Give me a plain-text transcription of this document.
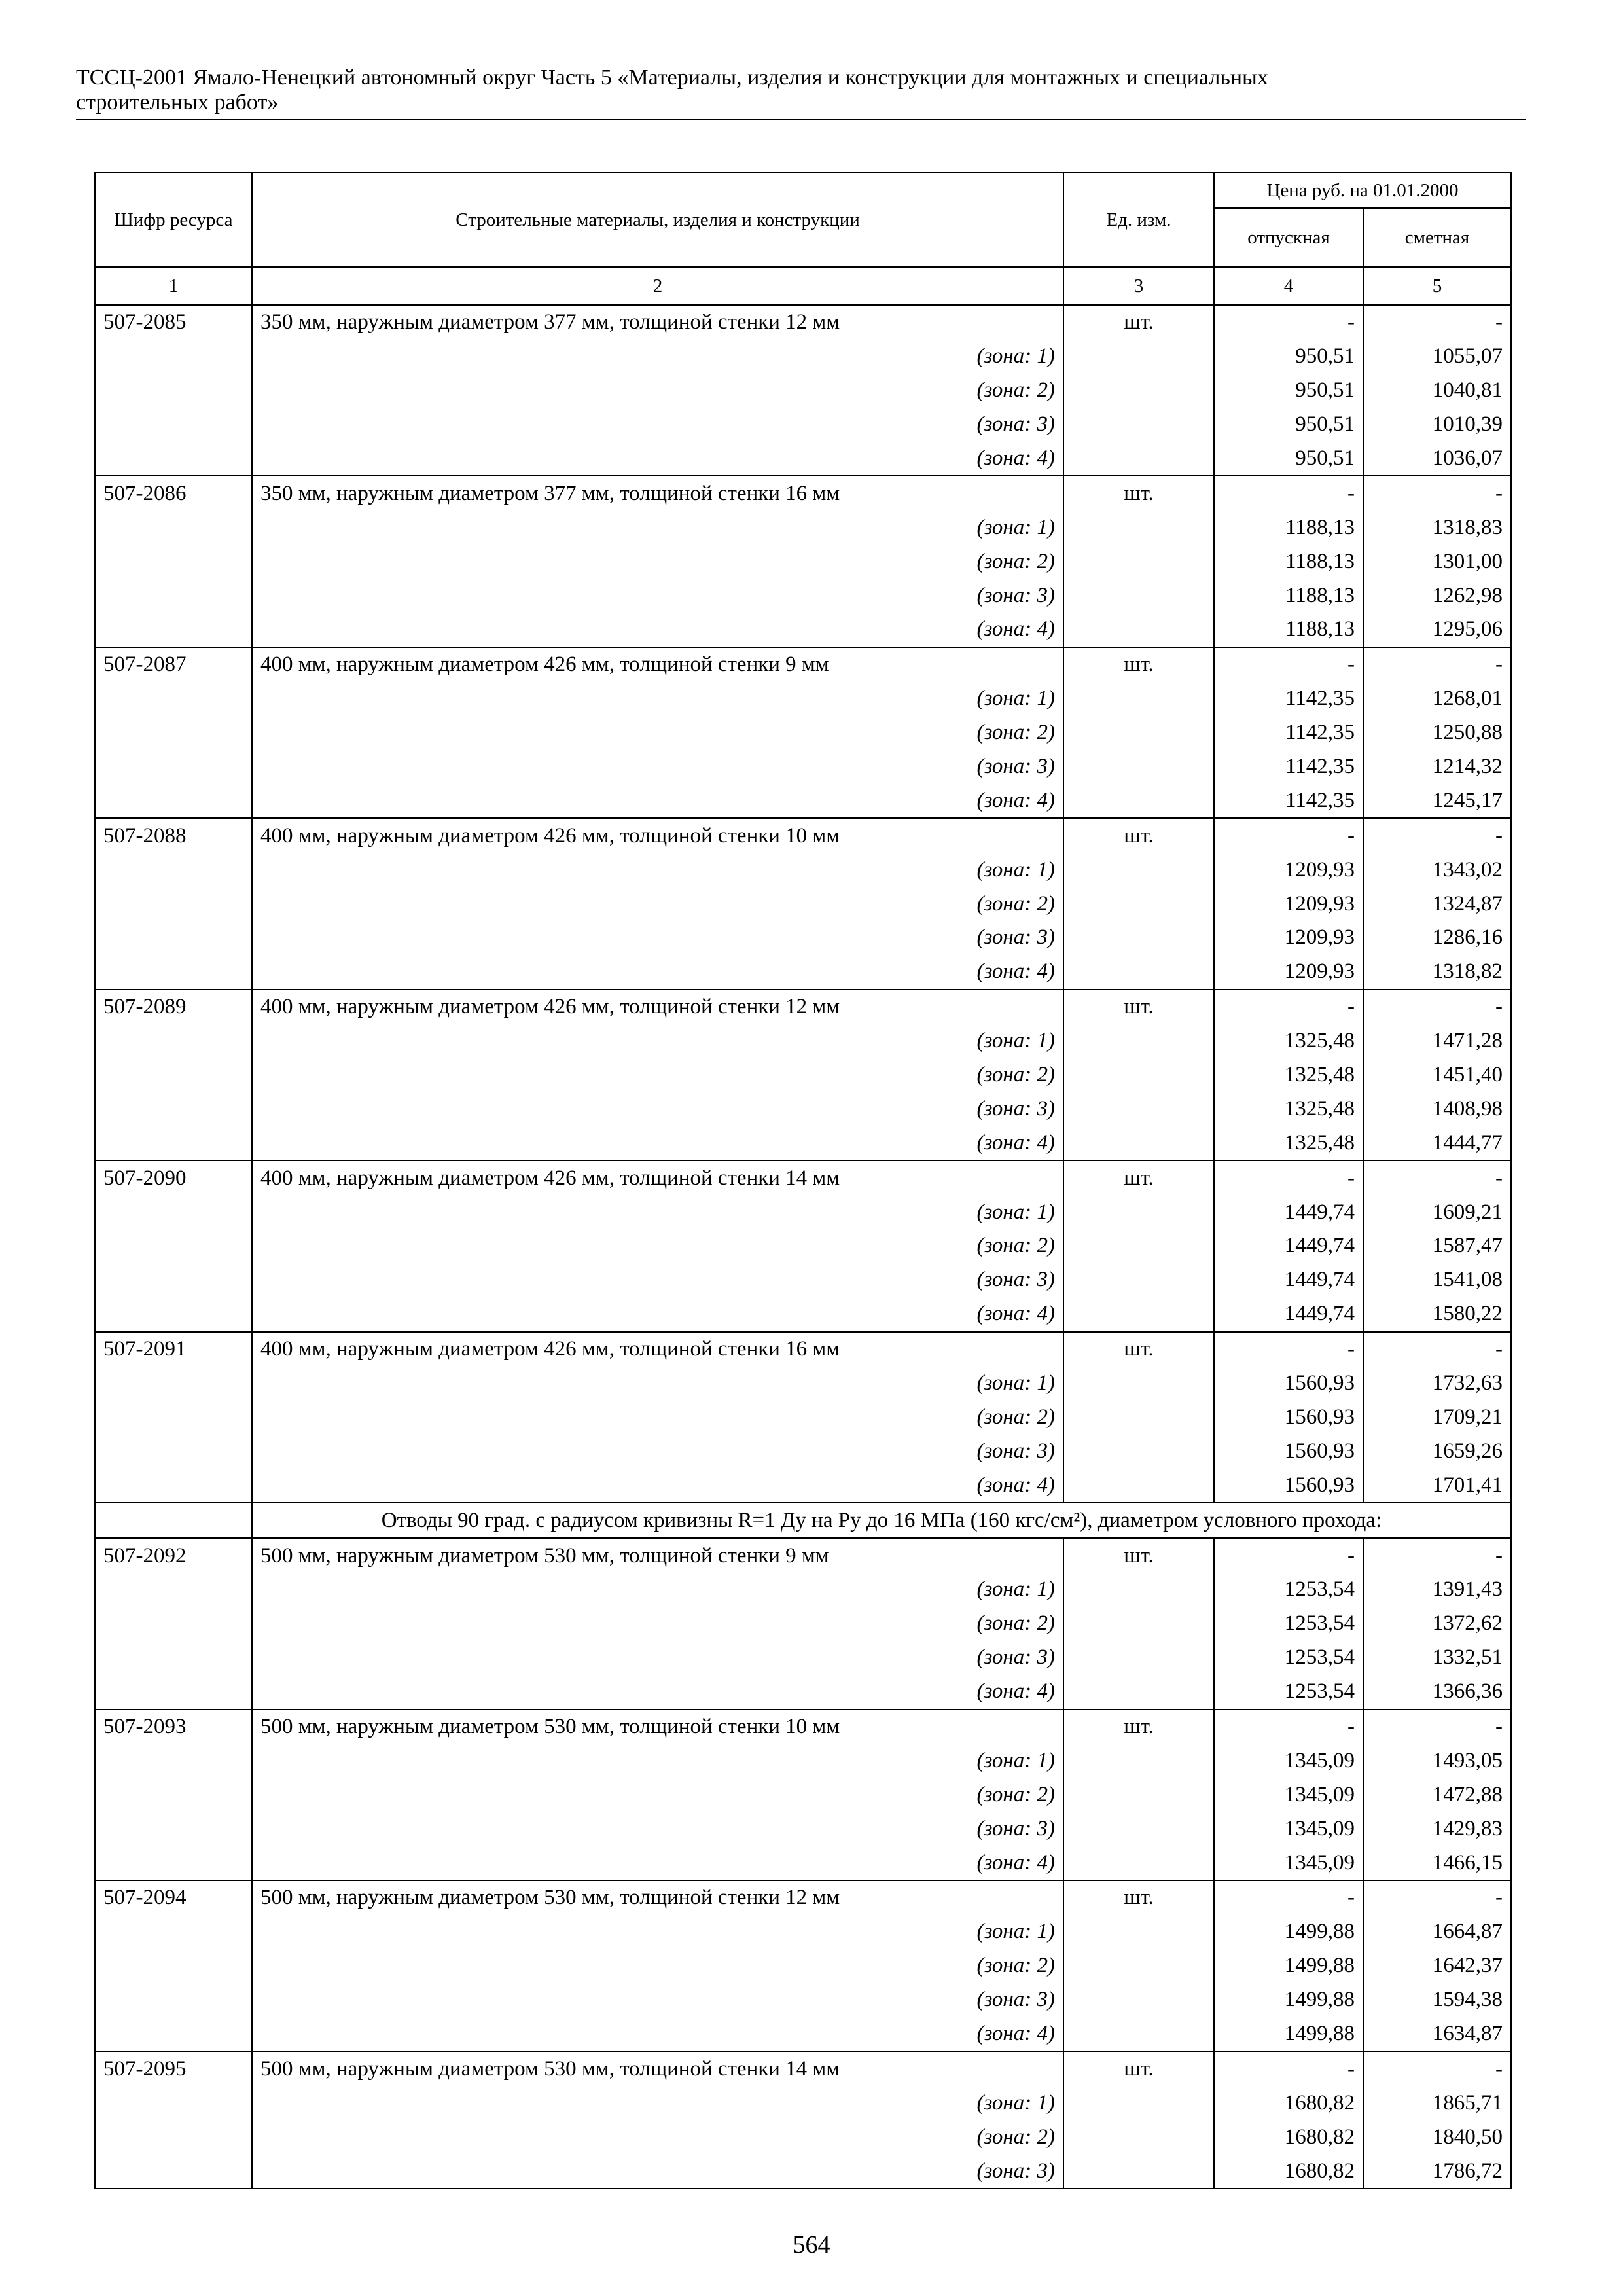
ТССЦ-2001 Ямало-Ненецкий автономный округ Часть 5 «Материалы, изделия и конструкции для монтажных и специальных
строительных работ»
Шифр ресурса	Строительные материалы, изделия и конструкции	Ед. изм.	Цена руб. на 01.01.2000	
			отпускная	сметная
1	2	3	4	5
507-2085	350 мм, наружным диаметром 377 мм, толщиной стенки 12 мм	шт.	-	-
	(зона: 1)		950,51	1055,07
	(зона: 2)		950,51	1040,81
	(зона: 3)		950,51	1010,39
	(зона: 4)		950,51	1036,07
507-2086	350 мм, наружным диаметром 377 мм, толщиной стенки 16 мм	шт.	-	-
	(зона: 1)		1188,13	1318,83
	(зона: 2)		1188,13	1301,00
	(зона: 3)		1188,13	1262,98
	(зона: 4)		1188,13	1295,06
507-2087	400 мм, наружным диаметром 426 мм, толщиной стенки 9 мм	шт.	-	-
	(зона: 1)		1142,35	1268,01
	(зона: 2)		1142,35	1250,88
	(зона: 3)		1142,35	1214,32
	(зона: 4)		1142,35	1245,17
507-2088	400 мм, наружным диаметром 426 мм, толщиной стенки 10 мм	шт.	-	-
	(зона: 1)		1209,93	1343,02
	(зона: 2)		1209,93	1324,87
	(зона: 3)		1209,93	1286,16
	(зона: 4)		1209,93	1318,82
507-2089	400 мм, наружным диаметром 426 мм, толщиной стенки 12 мм	шт.	-	-
	(зона: 1)		1325,48	1471,28
	(зона: 2)		1325,48	1451,40
	(зона: 3)		1325,48	1408,98
	(зона: 4)		1325,48	1444,77
507-2090	400 мм, наружным диаметром 426 мм, толщиной стенки 14 мм	шт.	-	-
	(зона: 1)		1449,74	1609,21
	(зона: 2)		1449,74	1587,47
	(зона: 3)		1449,74	1541,08
	(зона: 4)		1449,74	1580,22
507-2091	400 мм, наружным диаметром 426 мм, толщиной стенки 16 мм	шт.	-	-
	(зона: 1)		1560,93	1732,63
	(зона: 2)		1560,93	1709,21
	(зона: 3)		1560,93	1659,26
	(зона: 4)		1560,93	1701,41
	Отводы 90 град. с радиусом кривизны R=1 Ду на Ру до 16 МПа (160 кгс/см²), диаметром условного прохода:			
507-2092	500 мм, наружным диаметром 530 мм, толщиной стенки 9 мм	шт.	-	-
	(зона: 1)		1253,54	1391,43
	(зона: 2)		1253,54	1372,62
	(зона: 3)		1253,54	1332,51
	(зона: 4)		1253,54	1366,36
507-2093	500 мм, наружным диаметром 530 мм, толщиной стенки 10 мм	шт.	-	-
	(зона: 1)		1345,09	1493,05
	(зона: 2)		1345,09	1472,88
	(зона: 3)		1345,09	1429,83
	(зона: 4)		1345,09	1466,15
507-2094	500 мм, наружным диаметром 530 мм, толщиной стенки 12 мм	шт.	-	-
	(зона: 1)		1499,88	1664,87
	(зона: 2)		1499,88	1642,37
	(зона: 3)		1499,88	1594,38
	(зона: 4)		1499,88	1634,87
507-2095	500 мм, наружным диаметром 530 мм, толщиной стенки 14 мм	шт.	-	-
	(зона: 1)		1680,82	1865,71
	(зона: 2)		1680,82	1840,50
	(зона: 3)		1680,82	1786,72
564
